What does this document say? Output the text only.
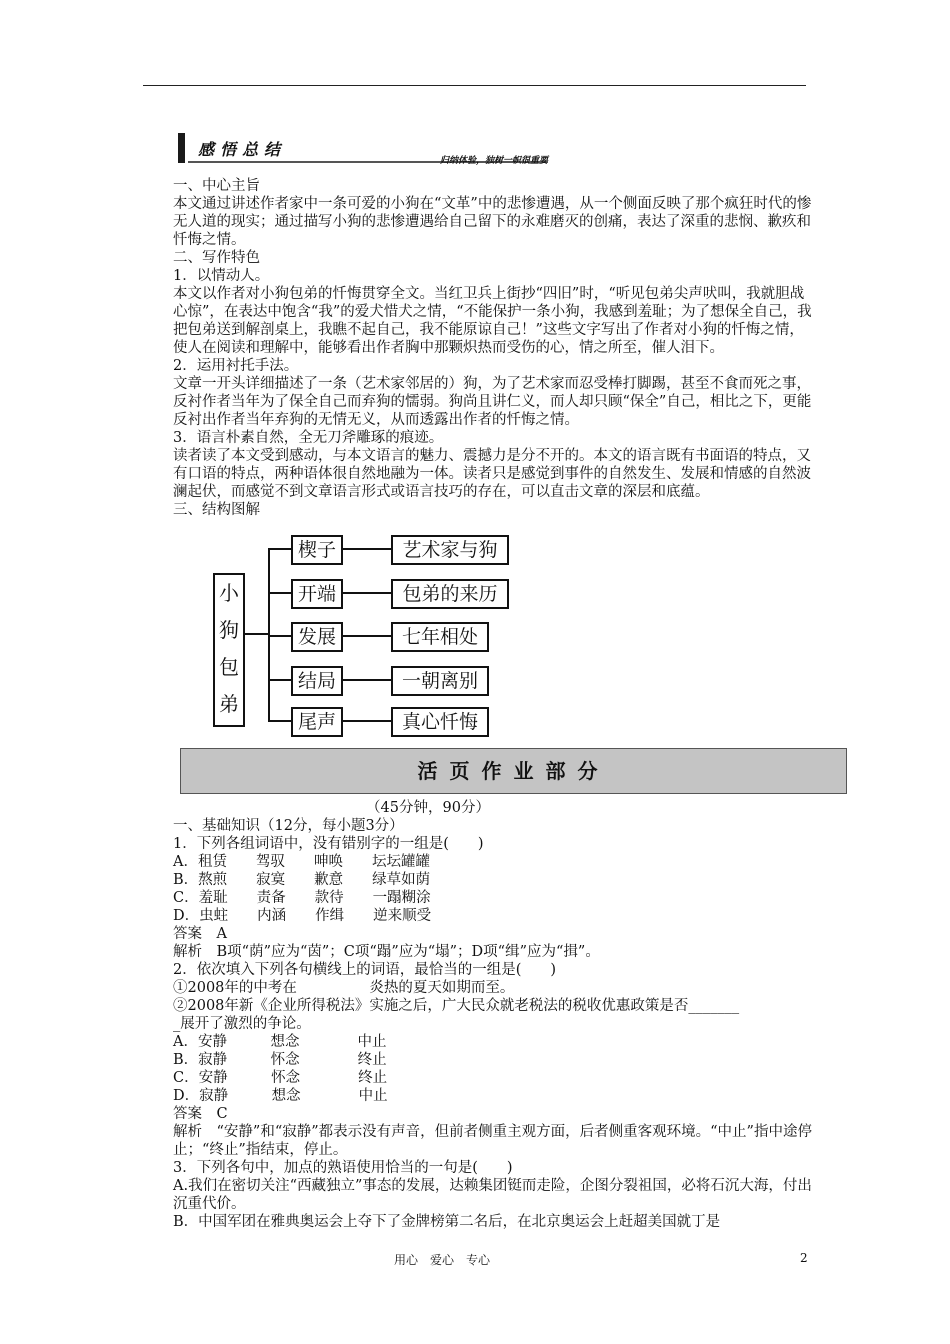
感悟总结
归纳体验，独树一帜很重要

一、中心主旨

本文通过讲述作者家中一条可爱的小狗在“文革”中的悲惨遭遇，从一个侧面反映了那个疯狂时代的惨无人道的现实；通过描写小狗的悲惨遭遇给自己留下的永难磨灭的创痛，表达了深重的悲悯、歉疚和忏悔之情。

二、写作特色

1．以情动人。

本文以作者对小狗包弟的忏悔贯穿全文。当红卫兵上街抄“四旧”时，“听见包弟尖声吠叫，我就胆战心惊”，在表达中饱含“我”的爱犬惜犬之情，“不能保护一条小狗，我感到羞耻；为了想保全自己，我把包弟送到解剖桌上，我瞧不起自己，我不能原谅自己！”这些文字写出了作者对小狗的忏悔之情，使人在阅读和理解中，能够看出作者胸中那颗炽热而受伤的心，情之所至，催人泪下。

2．运用衬托手法。

文章一开头详细描述了一条（艺术家邻居的）狗，为了艺术家而忍受棒打脚踢，甚至不食而死之事，反衬作者当年为了保全自己而弃狗的懦弱。狗尚且讲仁义，而人却只顾“保全”自己，相比之下，更能反衬出作者当年弃狗的无情无义，从而透露出作者的忏悔之情。

3．语言朴素自然，全无刀斧雕琢的痕迹。

读者读了本文受到感动，与本文语言的魅力、震撼力是分不开的。本文的语言既有书面语的特点，又有口语的特点，两种语体很自然地融为一体。读者只是感觉到事件的自然发生、发展和情感的自然波澜起伏，而感觉不到文章语言形式或语言技巧的存在，可以直击文章的深层和底蕴。

三、结构图解

小
狗
包
弟
楔子	艺术家与狗
开端	包弟的来历
发展	七年相处
结局	一朝离别
尾声	真心忏悔
活页作业部分

（45分钟，90分）

一、基础知识（12分，每小题3分）

1．下列各组词语中，没有错别字的一组是(　　)

A．租赁　　驾驭　　呻唤　　坛坛罐罐

B．熬煎　　寂寞　　歉意　　绿草如荫

C．羞耻　　责备　　款待　　一蹋糊涂

D．虫蛀　　内涵　　作缉　　逆来顺受

答案　A

解析　B项“荫”应为“茵”；C项“蹋”应为“塌”；D项“缉”应为“揖”。

2．依次填入下列各句横线上的词语，最恰当的一组是(　　)

①2008年的中考在　　　　　炎热的夏天如期而至。

②2008年新《企业所得税法》实施之后，广大民众就老税法的税收优惠政策是否_______

_展开了激烈的争论。

A．安静　　　想念　　　　中止

B．寂静　　　怀念　　　　终止

C．安静　　　怀念　　　　终止

D．寂静　　　想念　　　　中止

答案　C

解析　“安静”和“寂静”都表示没有声音，但前者侧重主观方面，后者侧重客观环境。“中止”指中途停止；“终止”指结束，停止。

3．下列各句中，加点的熟语使用恰当的一句是(　　)

A.我们在密切关注“西藏独立”事态的发展，达赖集团铤而走险，企图分裂祖国，必将石沉大海，付出沉重代价。

B．中国军团在雅典奥运会上夺下了金牌榜第二名后，在北京奥运会上赶超美国就丁是

用心　爱心　专心	2
